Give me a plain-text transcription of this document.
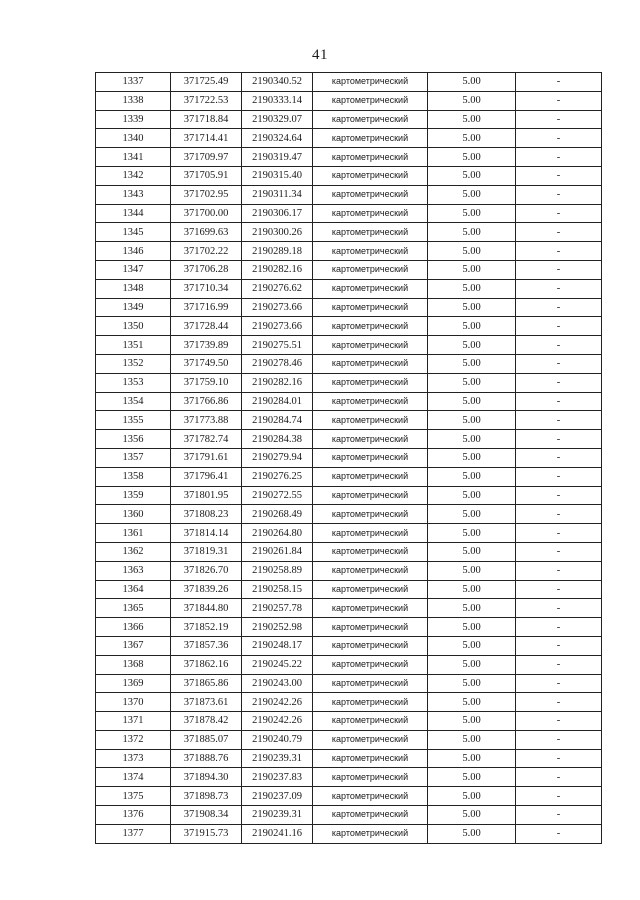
41
1337	371725.49	2190340.52	картометрический	5.00	-
1338	371722.53	2190333.14	картометрический	5.00	-
1339	371718.84	2190329.07	картометрический	5.00	-
1340	371714.41	2190324.64	картометрический	5.00	-
1341	371709.97	2190319.47	картометрический	5.00	-
1342	371705.91	2190315.40	картометрический	5.00	-
1343	371702.95	2190311.34	картометрический	5.00	-
1344	371700.00	2190306.17	картометрический	5.00	-
1345	371699.63	2190300.26	картометрический	5.00	-
1346	371702.22	2190289.18	картометрический	5.00	-
1347	371706.28	2190282.16	картометрический	5.00	-
1348	371710.34	2190276.62	картометрический	5.00	-
1349	371716.99	2190273.66	картометрический	5.00	-
1350	371728.44	2190273.66	картометрический	5.00	-
1351	371739.89	2190275.51	картометрический	5.00	-
1352	371749.50	2190278.46	картометрический	5.00	-
1353	371759.10	2190282.16	картометрический	5.00	-
1354	371766.86	2190284.01	картометрический	5.00	-
1355	371773.88	2190284.74	картометрический	5.00	-
1356	371782.74	2190284.38	картометрический	5.00	-
1357	371791.61	2190279.94	картометрический	5.00	-
1358	371796.41	2190276.25	картометрический	5.00	-
1359	371801.95	2190272.55	картометрический	5.00	-
1360	371808.23	2190268.49	картометрический	5.00	-
1361	371814.14	2190264.80	картометрический	5.00	-
1362	371819.31	2190261.84	картометрический	5.00	-
1363	371826.70	2190258.89	картометрический	5.00	-
1364	371839.26	2190258.15	картометрический	5.00	-
1365	371844.80	2190257.78	картометрический	5.00	-
1366	371852.19	2190252.98	картометрический	5.00	-
1367	371857.36	2190248.17	картометрический	5.00	-
1368	371862.16	2190245.22	картометрический	5.00	-
1369	371865.86	2190243.00	картометрический	5.00	-
1370	371873.61	2190242.26	картометрический	5.00	-
1371	371878.42	2190242.26	картометрический	5.00	-
1372	371885.07	2190240.79	картометрический	5.00	-
1373	371888.76	2190239.31	картометрический	5.00	-
1374	371894.30	2190237.83	картометрический	5.00	-
1375	371898.73	2190237.09	картометрический	5.00	-
1376	371908.34	2190239.31	картометрический	5.00	-
1377	371915.73	2190241.16	картометрический	5.00	-
